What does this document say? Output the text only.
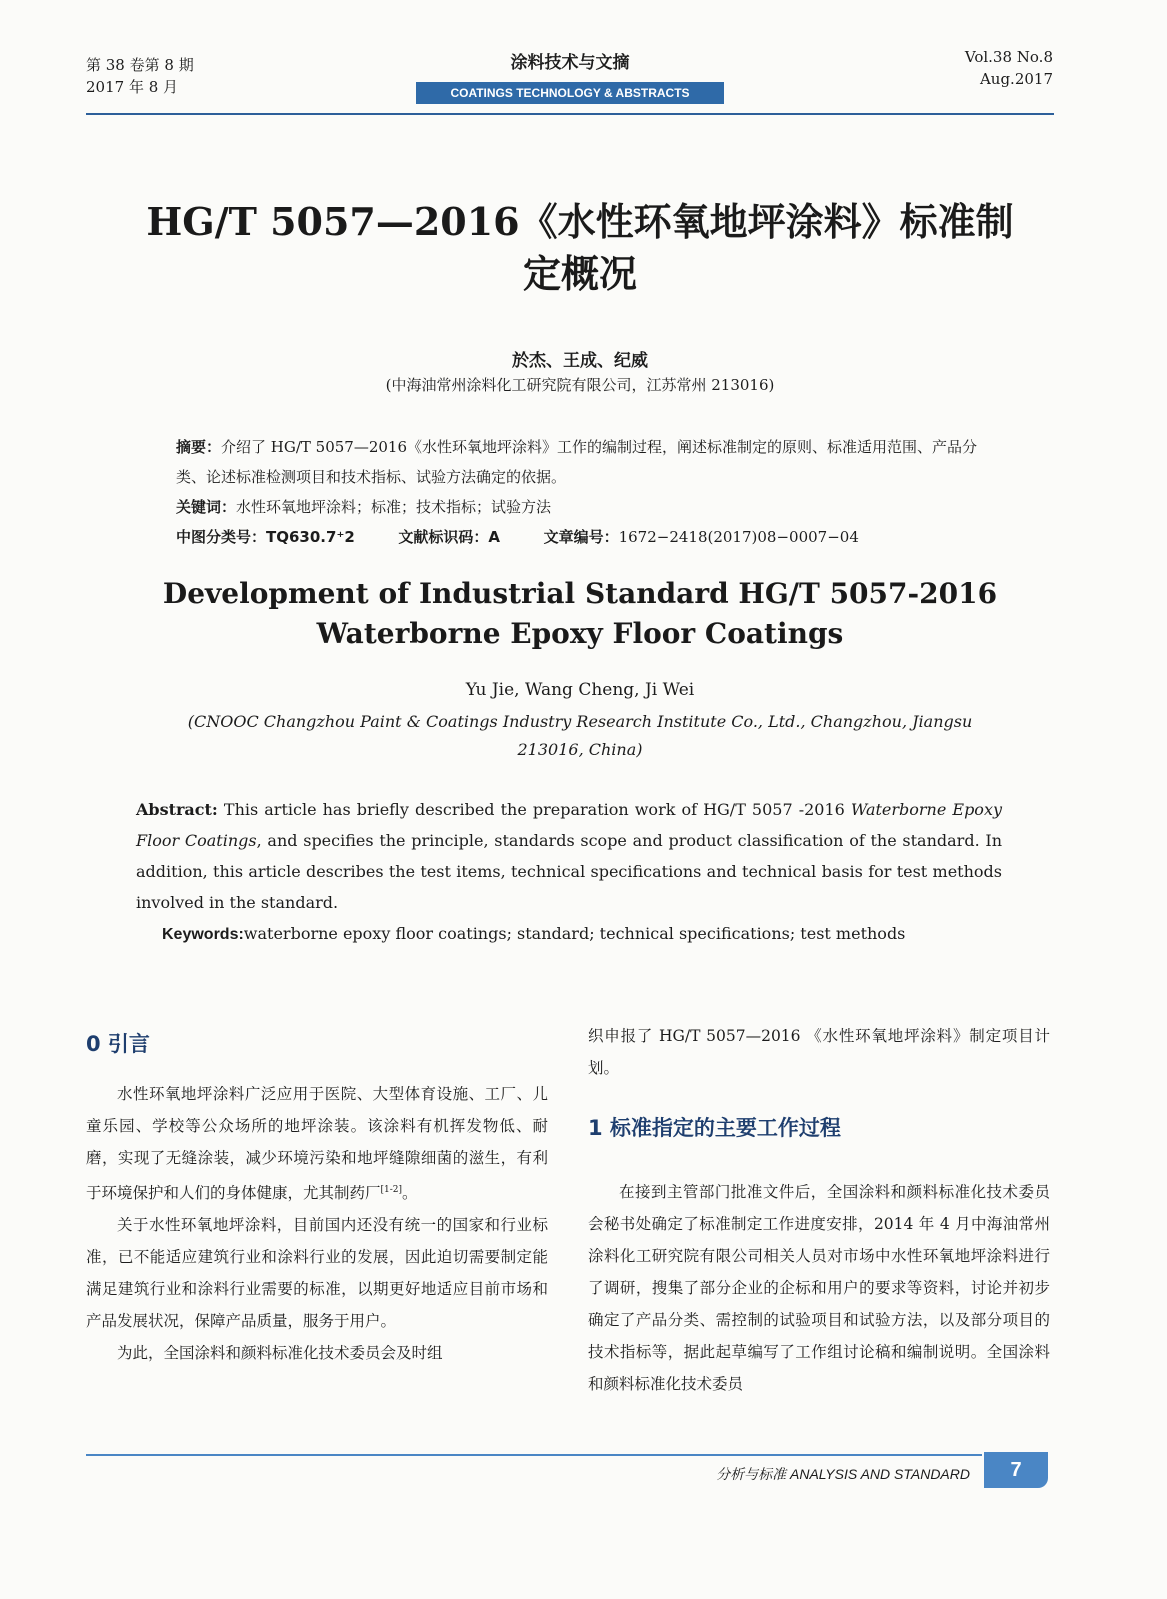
第 38 卷第 8 期
2017 年 8 月
涂料技术与文摘
COATINGS TECHNOLOGY & ABSTRACTS
Vol.38 No.8
Aug.2017
HG/T 5057—2016《水性环氧地坪涂料》标准制
定概况
於杰、王成、纪威
(中海油常州涂料化工研究院有限公司，江苏常州 213016)
摘要：介绍了 HG/T 5057—2016《水性环氧地坪涂料》工作的编制过程，阐述标准制定的原则、标准适用范围、产品分类、论述标准检测项目和技术指标、试验方法确定的依据。
关键词：水性环氧地坪涂料；标准；技术指标；试验方法
中图分类号：TQ630.7⁺2	文献标识码：A	文章编号：1672−2418(2017)08−0007−04
Development of Industrial Standard HG/T 5057-2016
Waterborne Epoxy Floor Coatings
Yu Jie, Wang Cheng, Ji Wei
(CNOOC Changzhou Paint & Coatings Industry Research Institute Co., Ltd., Changzhou, Jiangsu
213016, China)
Abstract: This article has briefly described the preparation work of HG/T 5057 -2016 Waterborne Epoxy Floor Coatings, and specifies the principle, standards scope and product classification of the standard. In addition, this article describes the test items, technical specifications and technical basis for test methods involved in the standard.
Keywords:waterborne epoxy floor coatings; standard; technical specifications; test methods
0 引言

水性环氧地坪涂料广泛应用于医院、大型体育设施、工厂、儿童乐园、学校等公众场所的地坪涂装。该涂料有机挥发物低、耐磨，实现了无缝涂装，减少环境污染和地坪缝隙细菌的滋生，有利于环境保护和人们的身体健康，尤其制药厂[1-2]。

关于水性环氧地坪涂料，目前国内还没有统一的国家和行业标准，已不能适应建筑行业和涂料行业的发展，因此迫切需要制定能满足建筑行业和涂料行业需要的标准，以期更好地适应目前市场和产品发展状况，保障产品质量，服务于用户。

为此，全国涂料和颜料标准化技术委员会及时组

织申报了 HG/T 5057—2016 《水性环氧地坪涂料》制定项目计划。

1 标准指定的主要工作过程

在接到主管部门批准文件后，全国涂料和颜料标准化技术委员会秘书处确定了标准制定工作进度安排，2014 年 4 月中海油常州涂料化工研究院有限公司相关人员对市场中水性环氧地坪涂料进行了调研，搜集了部分企业的企标和用户的要求等资料，讨论并初步确定了产品分类、需控制的试验项目和试验方法，以及部分项目的技术指标等，据此起草编写了工作组讨论稿和编制说明。全国涂料和颜料标准化技术委员

分析与标准 ANALYSIS AND STANDARD	7
